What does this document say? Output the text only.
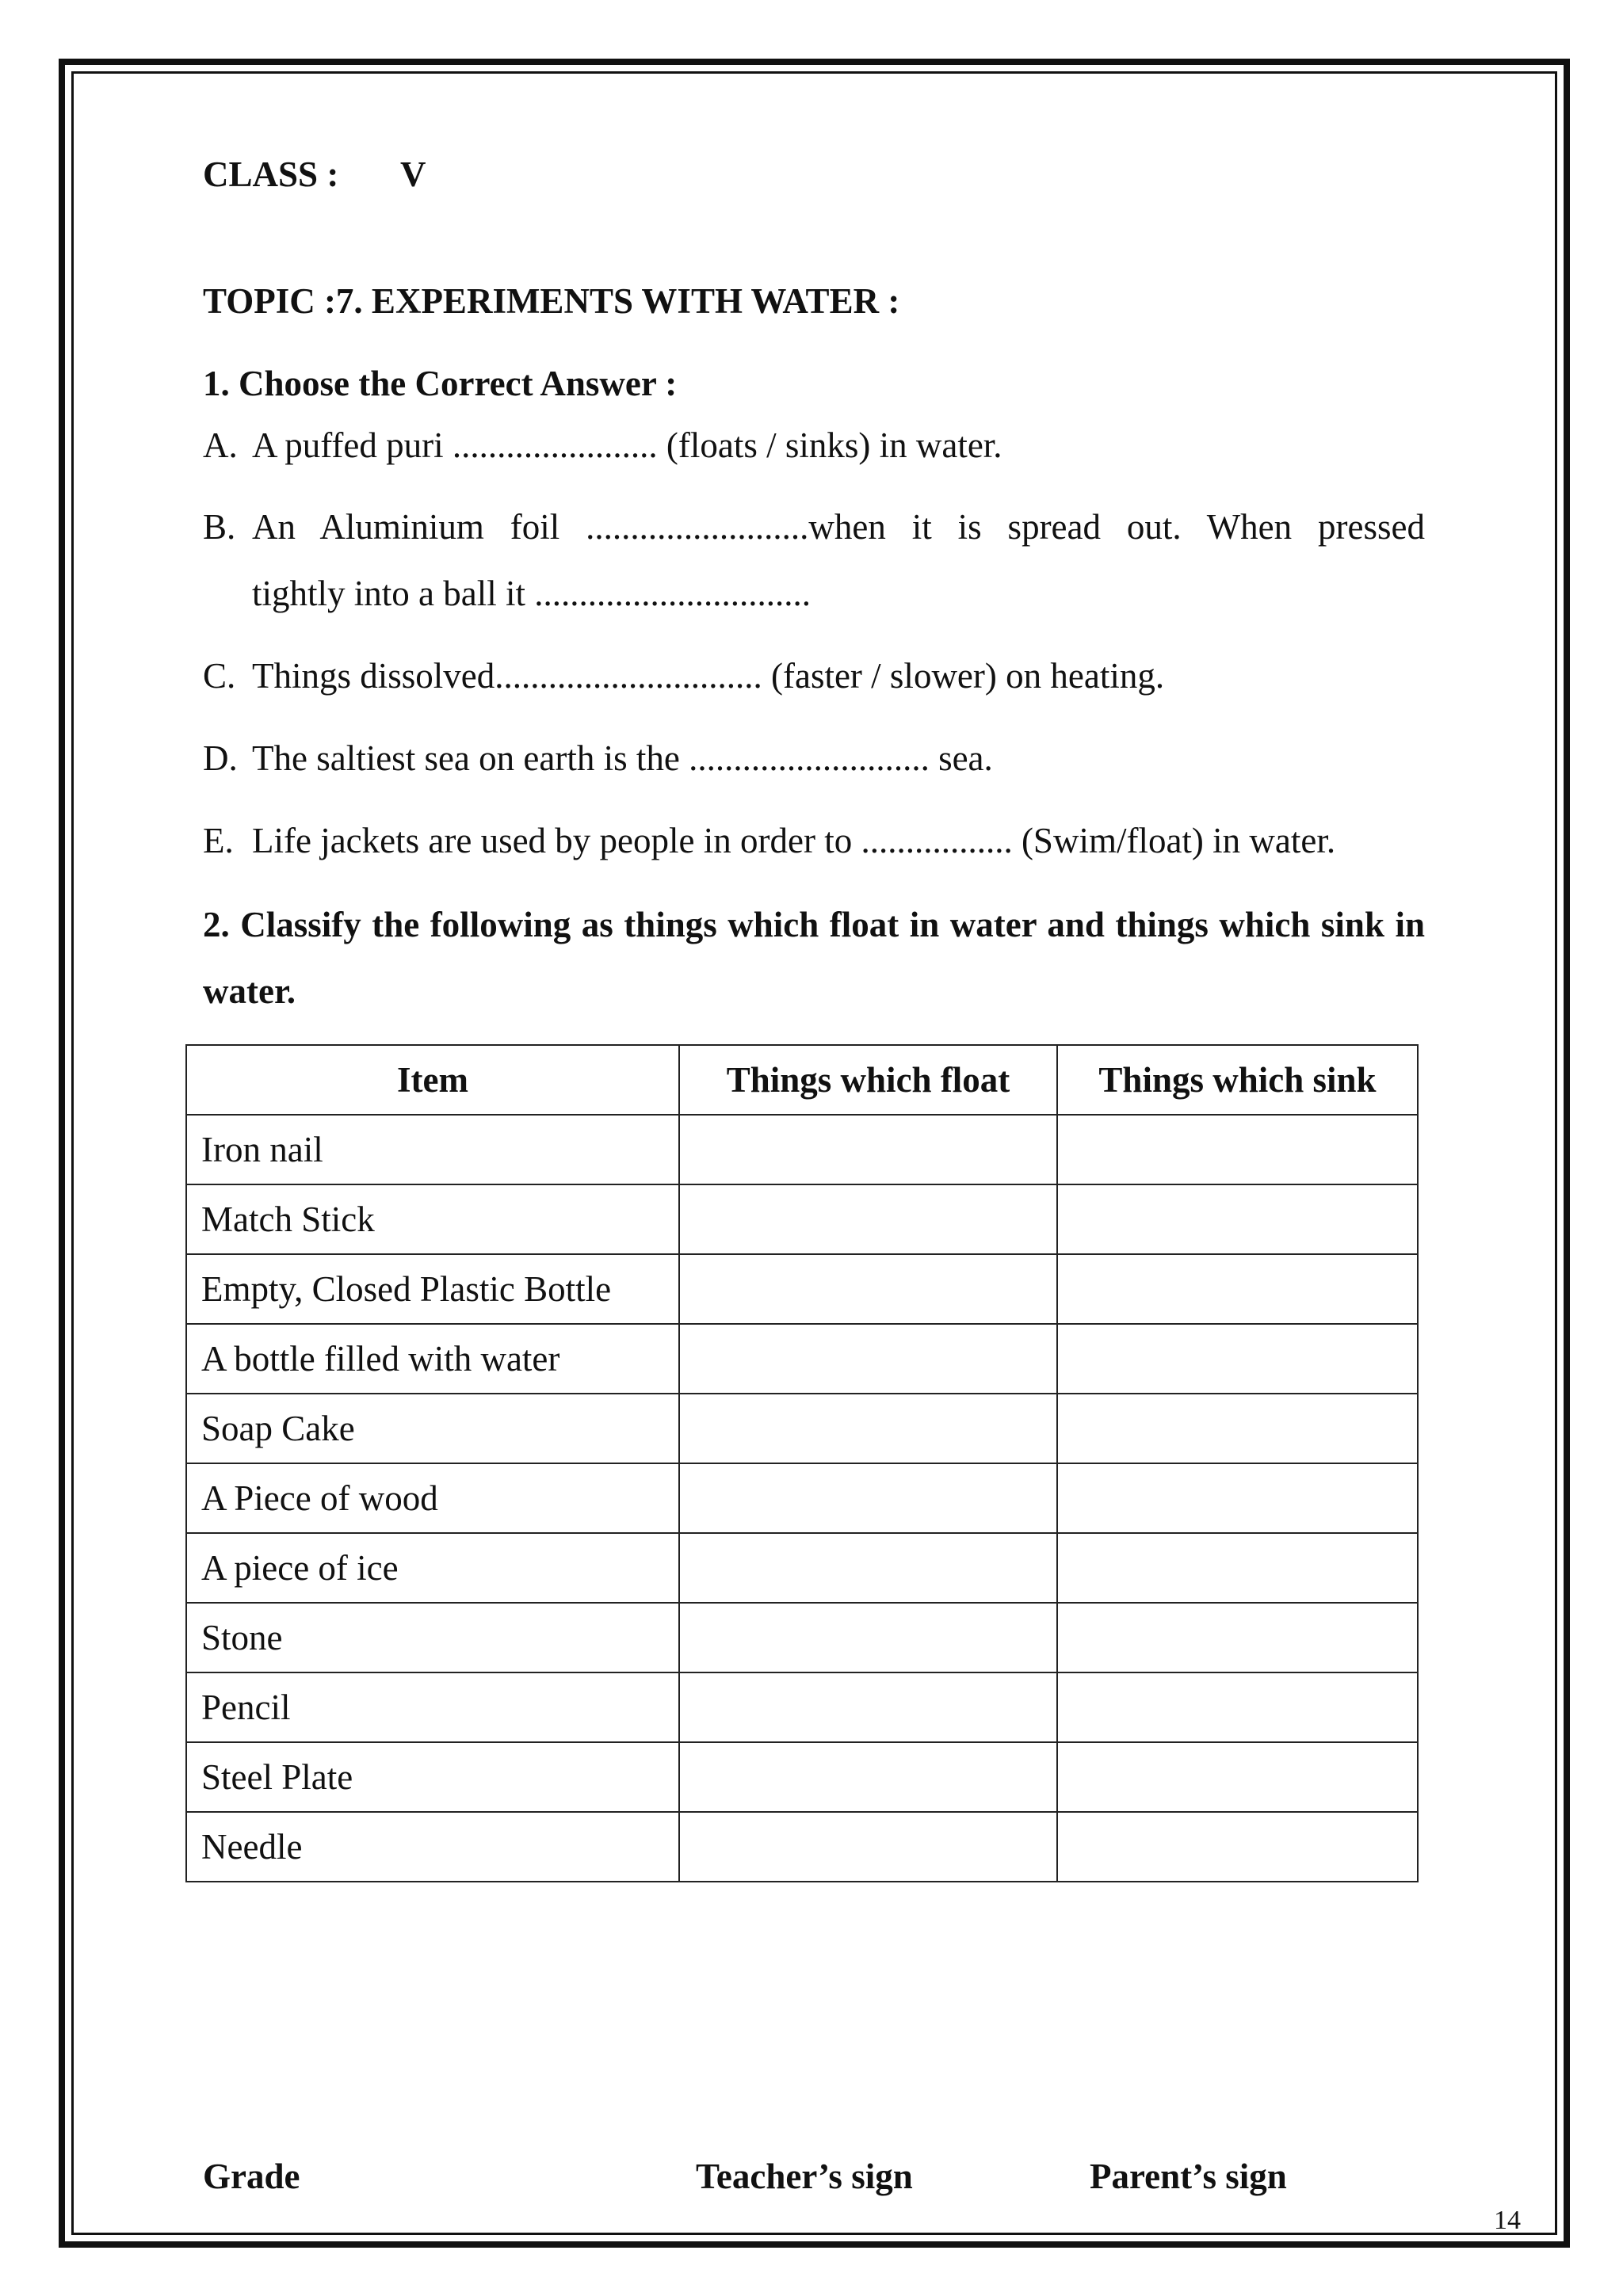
CLASS : V
TOPIC :7. EXPERIMENTS WITH WATER :
1. Choose the Correct Answer :
A. A puffed puri ....................... (floats / sinks) in water.
B. An Aluminium foil .........................when it is spread out. When pressed
tightly into a ball it ...............................
C. Things dissolved.............................. (faster / slower) on heating.
D. The saltiest sea on earth is the ........................... sea.
E. Life jackets are used by people in order to ................. (Swim/float) in water.
2. Classify the following as things which float in water and things which sink in water.
Item	Things which float	Things which sink
Iron nail		
Match Stick		
Empty, Closed Plastic Bottle		
A bottle filled with water		
Soap Cake		
A Piece of wood		
A piece of ice		
Stone		
Pencil		
Steel Plate		
Needle		
Grade	Teacher’s sign	Parent’s sign
14
